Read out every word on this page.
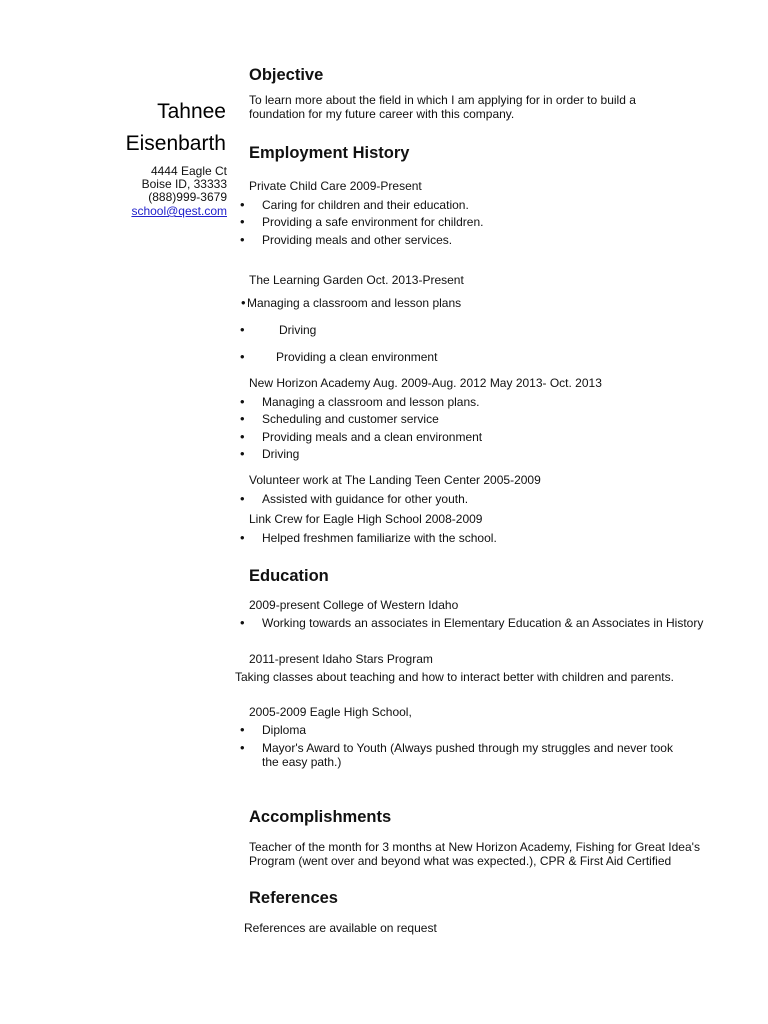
Tahnee
Eisenbarth
4444 Eagle Ct
Boise ID, 33333
(888)999-3679
school@qest.com
Objective
To learn more about the field in which I am applying for in order to build a
foundation for my future career with this company.
Employment History
Private Child Care 2009-Present
• Caring for children and their education.
• Providing a safe environment for children.
• Providing meals and other services.
The Learning Garden Oct. 2013-Present
• Managing a classroom and lesson plans
•	Driving
•	Providing a clean environment
New Horizon Academy Aug. 2009-Aug. 2012 May 2013- Oct. 2013
• Managing a classroom and lesson plans.
• Scheduling and customer service
• Providing meals and a clean environment
• Driving
Volunteer work at The Landing Teen Center 2005-2009
• Assisted with guidance for other youth.
Link Crew for Eagle High School 2008-2009
• Helped freshmen familiarize with the school.
Education
2009-present College of Western Idaho
• Working towards an associates in Elementary Education & an Associates in History
2011-present Idaho Stars Program
Taking classes about teaching and how to interact better with children and parents.
2005-2009 Eagle High School,
• Diploma
• Mayor's Award to Youth (Always pushed through my struggles and never took
the easy path.)
Accomplishments
Teacher of the month for 3 months at New Horizon Academy, Fishing for Great Idea's
Program (went over and beyond what was expected.), CPR & First Aid Certified
References
References are available on request
